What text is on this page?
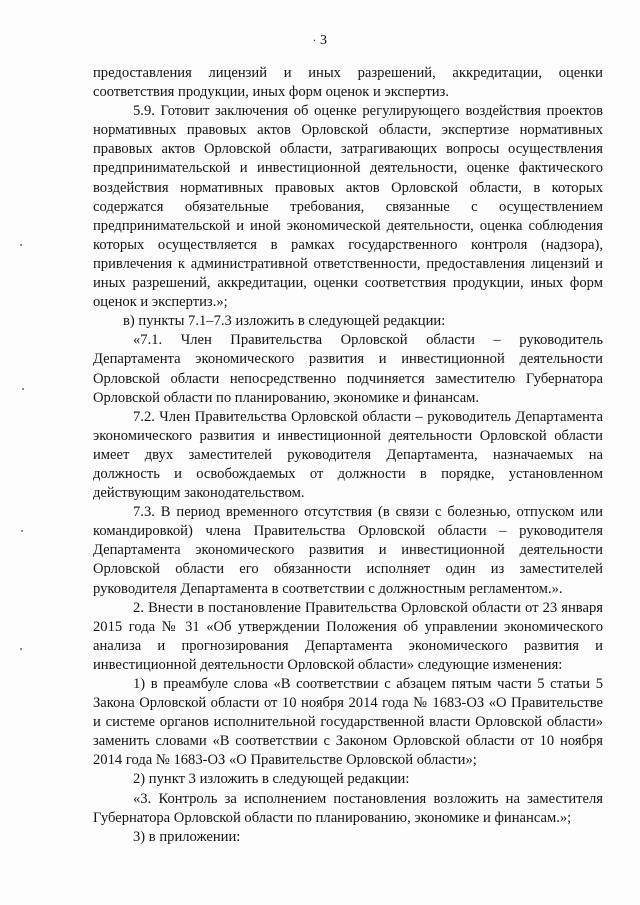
· 3

предоставления лицензий и иных разрешений, аккредитации, оценки соответствия продукции, иных форм оценок и экспертиз.

5.9. Готовит заключения об оценке регулирующего воздействия проектов нормативных правовых актов Орловской области, экспертизе нормативных правовых актов Орловской области, затрагивающих вопросы осуществления предпринимательской и инвестиционной деятельности, оценке фактического воздействия нормативных правовых актов Орловской области, в которых содержатся обязательные требования, связанные с осуществлением предпринимательской и иной экономической деятельности, оценка соблюдения которых осуществляется в рамках государственного контроля (надзора), привлечения к административной ответственности, предоставления лицензий и иных разрешений, аккредитации, оценки соответствия продукции, иных форм оценок и экспертиз.»;

в) пункты 7.1–7.3 изложить в следующей редакции:

«7.1. Член Правительства Орловской области – руководитель Департамента экономического развития и инвестиционной деятельности Орловской области непосредственно подчиняется заместителю Губернатора Орловской области по планированию, экономике и финансам.

7.2. Член Правительства Орловской области – руководитель Департамента экономического развития и инвестиционной деятельности Орловской области имеет двух заместителей руководителя Департамента, назначаемых на должность и освобождаемых от должности в порядке, установленном действующим законодательством.

7.3. В период временного отсутствия (в связи с болезнью, отпуском или командировкой) члена Правительства Орловской области – руководителя Департамента экономического развития и инвестиционной деятельности Орловской области его обязанности исполняет один из заместителей руководителя Департамента в соответствии с должностным регламентом.».

2. Внести в постановление Правительства Орловской области от 23 января 2015 года № 31 «Об утверждении Положения об управлении экономического анализа и прогнозирования Департамента экономического развития и инвестиционной деятельности Орловской области» следующие изменения:

1) в преамбуле слова «В соответствии с абзацем пятым части 5 статьи 5 Закона Орловской области от 10 ноября 2014 года № 1683-ОЗ «О Правительстве и системе органов исполнительной государственной власти Орловской области» заменить словами «В соответствии с Законом Орловской области от 10 ноября 2014 года № 1683-ОЗ «О Правительстве Орловской области»;

2) пункт 3 изложить в следующей редакции:

«3. Контроль за исполнением постановления возложить на заместителя Губернатора Орловской области по планированию, экономике и финансам.»;

3) в приложении:
